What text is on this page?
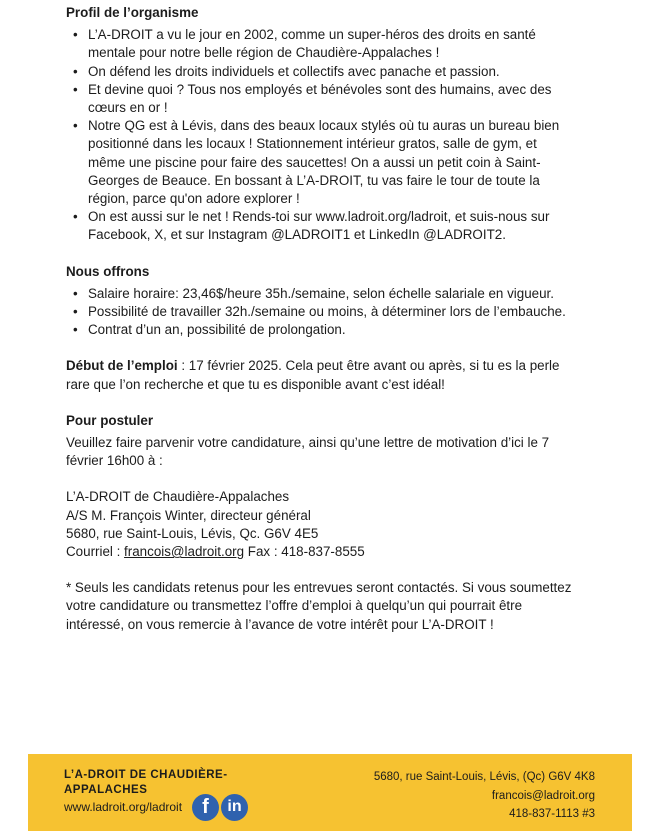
Profil de l’organisme
• L’A-DROIT a vu le jour en 2002, comme un super-héros des droits en santé
mentale pour notre belle région de Chaudière-Appalaches !
• On défend les droits individuels et collectifs avec panache et passion.
• Et devine quoi ? Tous nos employés et bénévoles sont des humains, avec des
cœurs en or !
• Notre QG est à Lévis, dans des beaux locaux stylés où tu auras un bureau bien
positionné dans les locaux ! Stationnement intérieur gratos, salle de gym, et
même une piscine pour faire des saucettes! On a aussi un petit coin à Saint-
Georges de Beauce. En bossant à L’A-DROIT, tu vas faire le tour de toute la
région, parce qu'on adore explorer !
• On est aussi sur le net ! Rends-toi sur www.ladroit.org/ladroit, et suis-nous sur
Facebook, X, et sur Instagram @LADROIT1 et LinkedIn @LADROIT2.
Nous offrons
• Salaire horaire: 23,46$/heure 35h./semaine, selon échelle salariale en vigueur.
• Possibilité de travailler 32h./semaine ou moins, à déterminer lors de l’embauche.
• Contrat d’un an, possibilité de prolongation.

Début de l’emploi : 17 février 2025. Cela peut être avant ou après, si tu es la perle
rare que l’on recherche et que tu es disponible avant c’est idéal!

Pour postuler

Veuillez faire parvenir votre candidature, ainsi qu’une lettre de motivation d’ici le 7
février 16h00 à :

L’A-DROIT de Chaudière-Appalaches
A/S M. François Winter, directeur général
5680, rue Saint-Louis, Lévis, Qc. G6V 4E5
Courriel : francois@ladroit.org Fax : 418-837-8555

* Seuls les candidats retenus pour les entrevues seront contactés. Si vous soumettez
votre candidature ou transmettez l’offre d’emploi à quelqu’un qui pourrait être
intéressé, on vous remercie à l’avance de votre intérêt pour L’A-DROIT !

L’A-DROIT DE CHAUDIÈRE-
APPALACHES
www.ladroit.org/ladroit	f	in
5680, rue Saint-Louis, Lévis, (Qc) G6V 4K8
francois@ladroit.org
418-837-1113 #3
